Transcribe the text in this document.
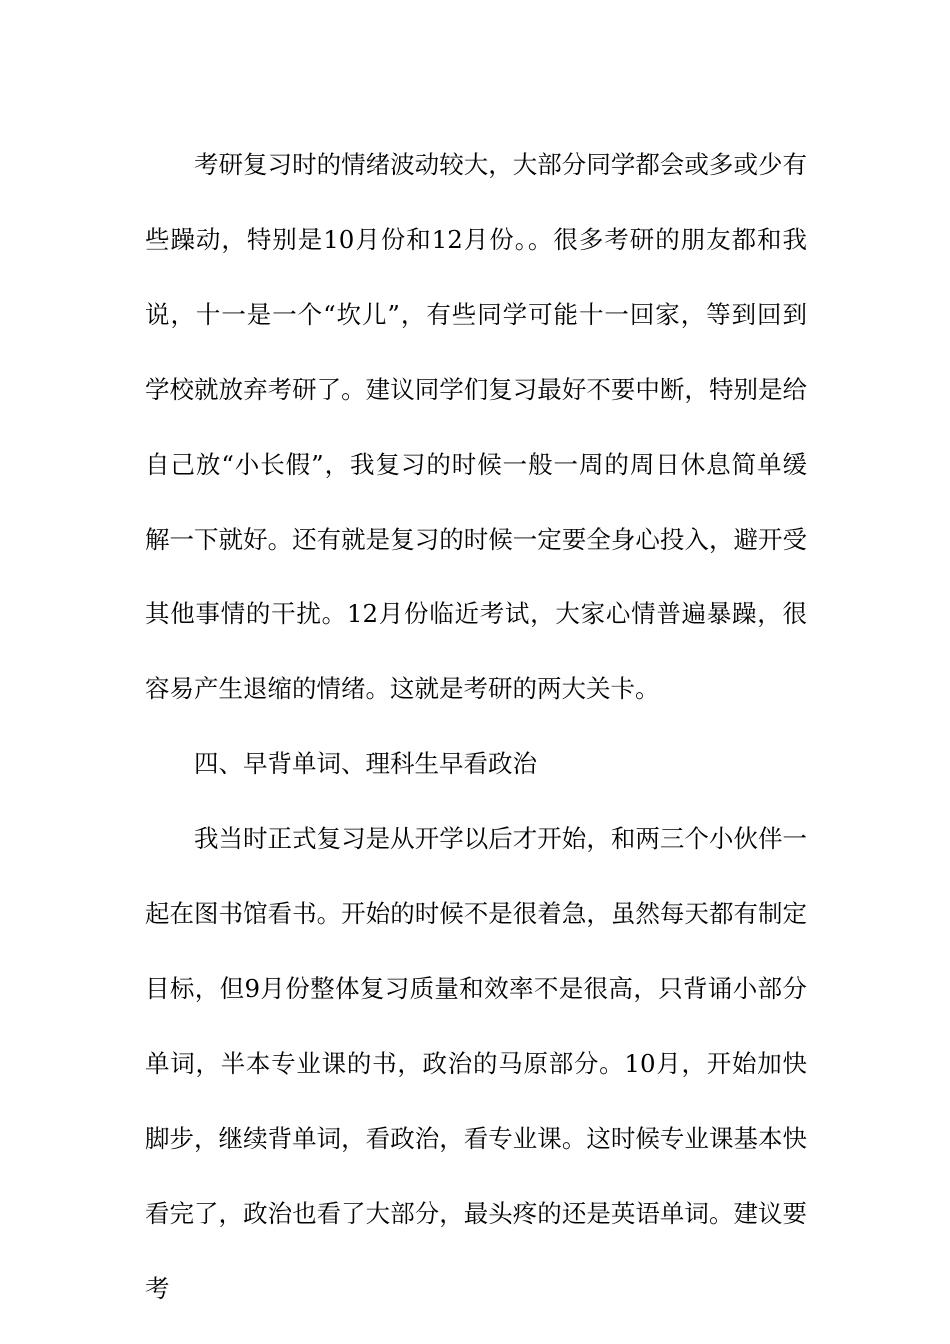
考研复习时的情绪波动较大，大部分同学都会或多或少有些躁动，特别是10月份和12月份。。很多考研的朋友都和我说，十一是一个“坎儿”，有些同学可能十一回家，等到回到学校就放弃考研了。建议同学们复习最好不要中断，特别是给自己放“小长假”，我复习的时候一般一周的周日休息简单缓解一下就好。还有就是复习的时候一定要全身心投入，避开受其他事情的干扰。12月份临近考试，大家心情普遍暴躁，很容易产生退缩的情绪。这就是考研的两大关卡。

四、早背单词、理科生早看政治

我当时正式复习是从开学以后才开始，和两三个小伙伴一起在图书馆看书。开始的时候不是很着急，虽然每天都有制定目标，但9月份整体复习质量和效率不是很高，只背诵小部分单词，半本专业课的书，政治的马原部分。10月，开始加快脚步，继续背单词，看政治，看专业课。这时候专业课基本快看完了，政治也看了大部分，最头疼的还是英语单词。建议要考
